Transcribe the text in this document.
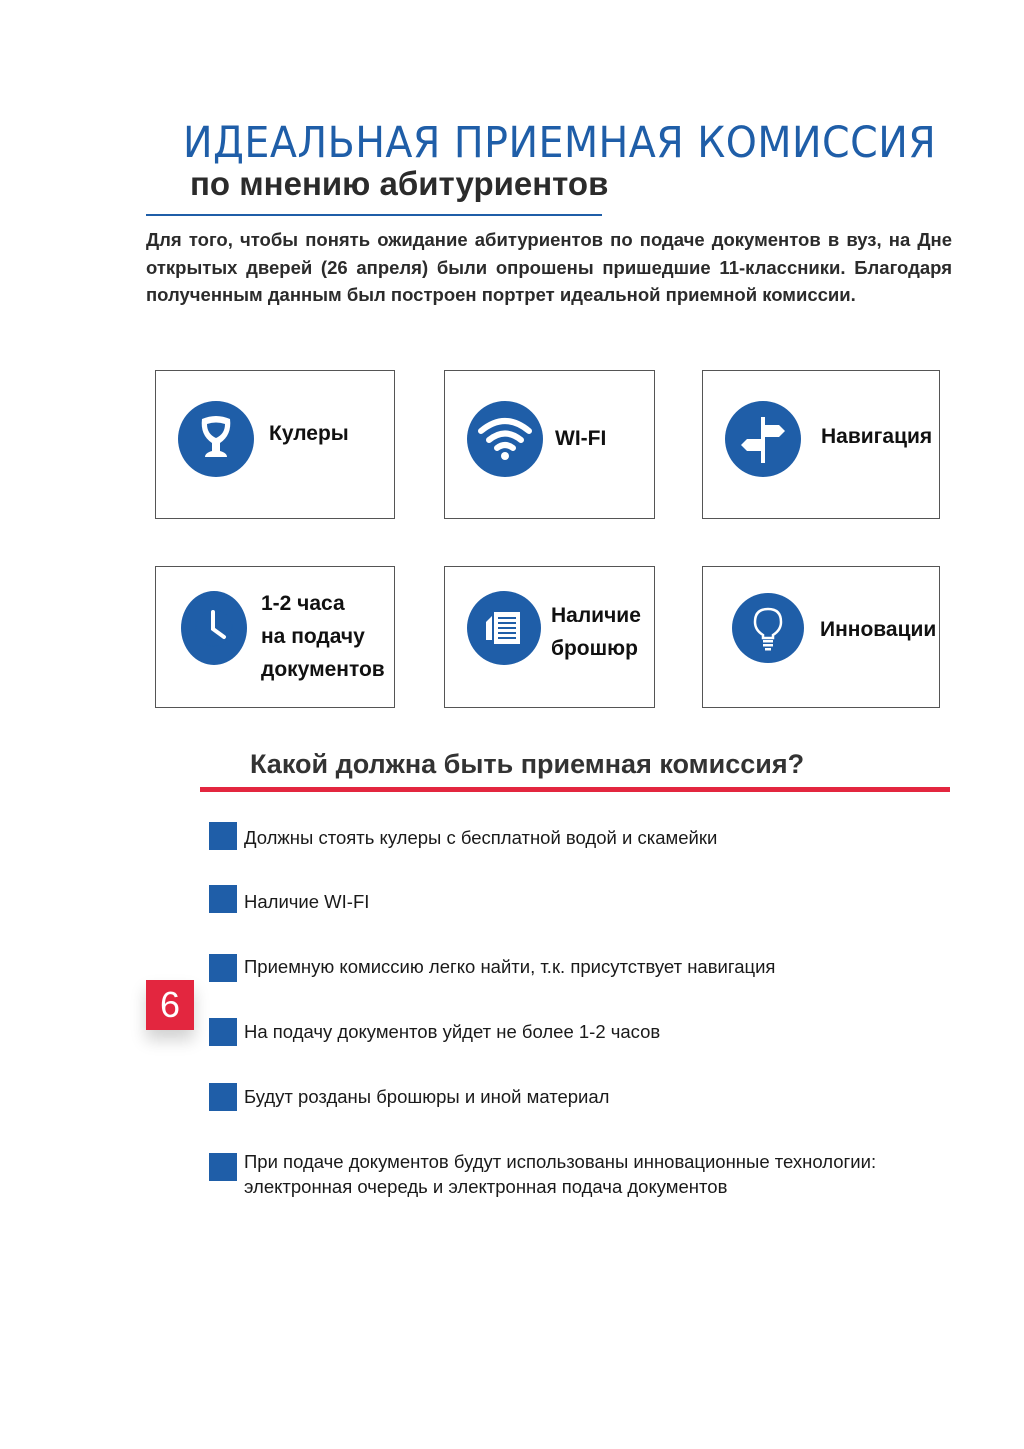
ИДЕАЛЬНАЯ ПРИЕМНАЯ КОМИССИЯ
по мнению абитуриентов
Для того, чтобы понять ожидание абитуриентов по подаче документов в вуз, на Дне открытых дверей (26 апреля) были опрошены пришедшие 11-классники. Благодаря полученным данным был построен портрет идеальной приемной комиссии.
Кулеры	WI-FI	Навигация
1-2 часа
на подачу
документов
Наличие
брошюр
Инновации
Какой должна быть приемная комиссия?
Должны стоять кулеры с бесплатной водой и скамейки
Наличие WI-FI
Приемную комиссию легко найти, т.к. присутствует навигация
На подачу документов уйдет не более 1-2 часов
Будут розданы брошюры и иной материал
При подаче документов будут использованы инновационные технологии: электронная очередь и электронная подача документов
6
